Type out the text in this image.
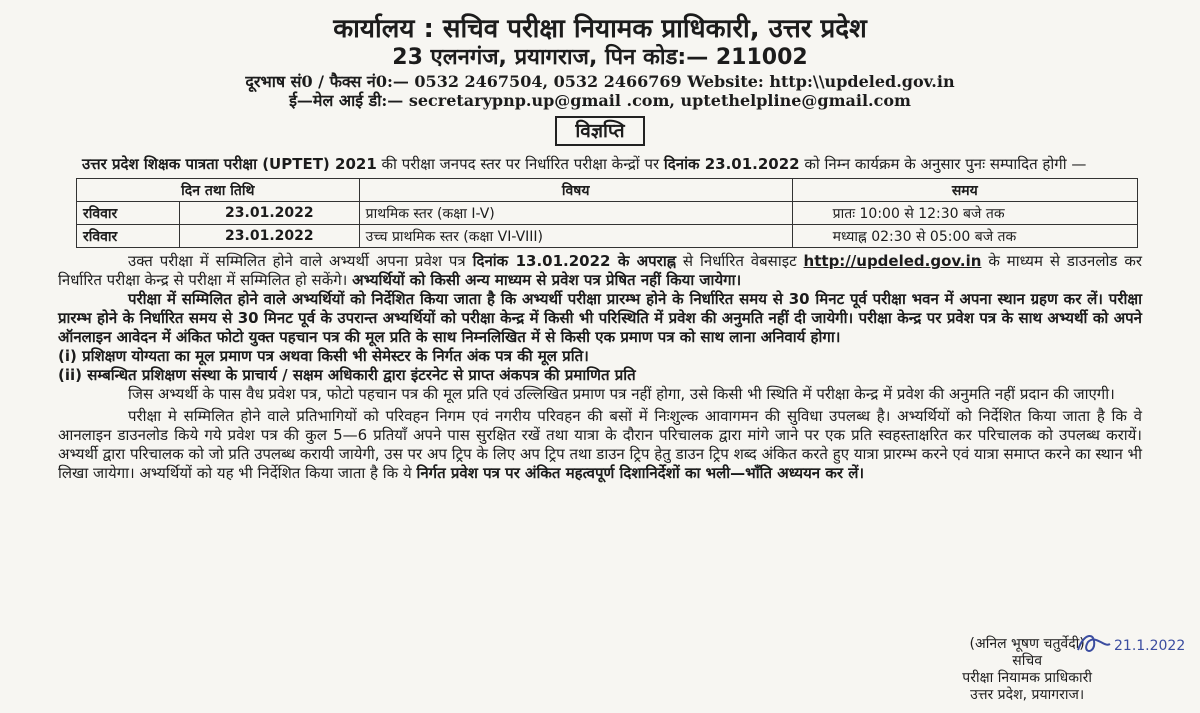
कार्यालय : सचिव परीक्षा नियामक प्राधिकारी, उत्तर प्रदेश
23 एलनगंज, प्रयागराज, पिन कोड:— 211002
दूरभाष सं0 / फैक्स नं0:— 0532 2467504, 0532 2466769 Website: http:\\updeled.gov.in
ई—मेल आई डी:— secretarypnp.up@gmail .com, uptethelpline@gmail.com
विज्ञप्ति
उत्तर प्रदेश शिक्षक पात्रता परीक्षा (UPTET) 2021 की परीक्षा जनपद स्तर पर निर्धारित परीक्षा केन्द्रों पर दिनांक 23.01.2022 को निम्न कार्यक्रम के अनुसार पुनः सम्पादित होगी —
दिन तथा तिथि		विषय	समय
रविवार	23.01.2022	प्राथमिक स्तर (कक्षा I-V)	प्रातः 10:00 से 12:30 बजे तक
रविवार	23.01.2022	उच्च प्राथमिक स्तर (कक्षा VI-VIII)	मध्याह्न 02:30 से 05:00 बजे तक
उक्त परीक्षा में सम्मिलित होने वाले अभ्यर्थी अपना प्रवेश पत्र दिनांक 13.01.2022 के अपराह्न से निर्धारित वेबसाइट http://updeled.gov.in के माध्यम से डाउनलोड कर निर्धारित परीक्षा केन्द्र से परीक्षा में सम्मिलित हो सकेंगे। अभ्यर्थियों को किसी अन्य माध्यम से प्रवेश पत्र प्रेषित नहीं किया जायेगा।
परीक्षा में सम्मिलित होने वाले अभ्यर्थियों को निर्देशित किया जाता है कि अभ्यर्थी परीक्षा प्रारम्भ होने के निर्धारित समय से 30 मिनट पूर्व परीक्षा भवन में अपना स्थान ग्रहण कर लें। परीक्षा प्रारम्भ होने के निर्धारित समय से 30 मिनट पूर्व के उपरान्त अभ्यर्थियों को परीक्षा केन्द्र में किसी भी परिस्थिति में प्रवेश की अनुमति नहीं दी जायेगी। परीक्षा केन्द्र पर प्रवेश पत्र के साथ अभ्यर्थी को अपने ऑनलाइन आवेदन में अंकित फोटो युक्त पहचान पत्र की मूल प्रति के साथ निम्नलिखित में से किसी एक प्रमाण पत्र को साथ लाना अनिवार्य होगा।
(i) प्रशिक्षण योग्यता का मूल प्रमाण पत्र अथवा किसी भी सेमेस्टर के निर्गत अंक पत्र की मूल प्रति।
(ii) सम्बन्धित प्रशिक्षण संस्था के प्राचार्य / सक्षम अधिकारी द्वारा इंटरनेट से प्राप्त अंकपत्र की प्रमाणित प्रति
जिस अभ्यर्थी के पास वैध प्रवेश पत्र, फोटो पहचान पत्र की मूल प्रति एवं उल्लिखित प्रमाण पत्र नहीं होगा, उसे किसी भी स्थिति में परीक्षा केन्द्र में प्रवेश की अनुमति नहीं प्रदान की जाएगी।
परीक्षा मे सम्मिलित होने वाले प्रतिभागियों को परिवहन निगम एवं नगरीय परिवहन की बसों में निःशुल्क आवागमन की सुविधा उपलब्ध है। अभ्यर्थियों को निर्देशित किया जाता है कि वे आनलाइन डाउनलोड किये गये प्रवेश पत्र की कुल 5—6 प्रतियाँ अपने पास सुरक्षित रखें तथा यात्रा के दौरान परिचालक द्वारा मांगे जाने पर एक प्रति स्वहस्ताक्षरित कर परिचालक को उपलब्ध करायें। अभ्यर्थी द्वारा परिचालक को जो प्रति उपलब्ध करायी जायेगी, उस पर अप ट्रिप के लिए अप ट्रिप तथा डाउन ट्रिप हेतु डाउन ट्रिप शब्द अंकित करते हुए यात्रा प्रारम्भ करने एवं यात्रा समाप्त करने का स्थान भी लिखा जायेगा। अभ्यर्थियों को यह भी निर्देशित किया जाता है कि ये निर्गत प्रवेश पत्र पर अंकित महत्वपूर्ण दिशानिर्देशों का भली—भाँति अध्ययन कर लें।
21.1.2022
(अनिल भूषण चतुर्वेदी)
सचिव
परीक्षा नियामक प्राधिकारी
उत्तर प्रदेश, प्रयागराज।
